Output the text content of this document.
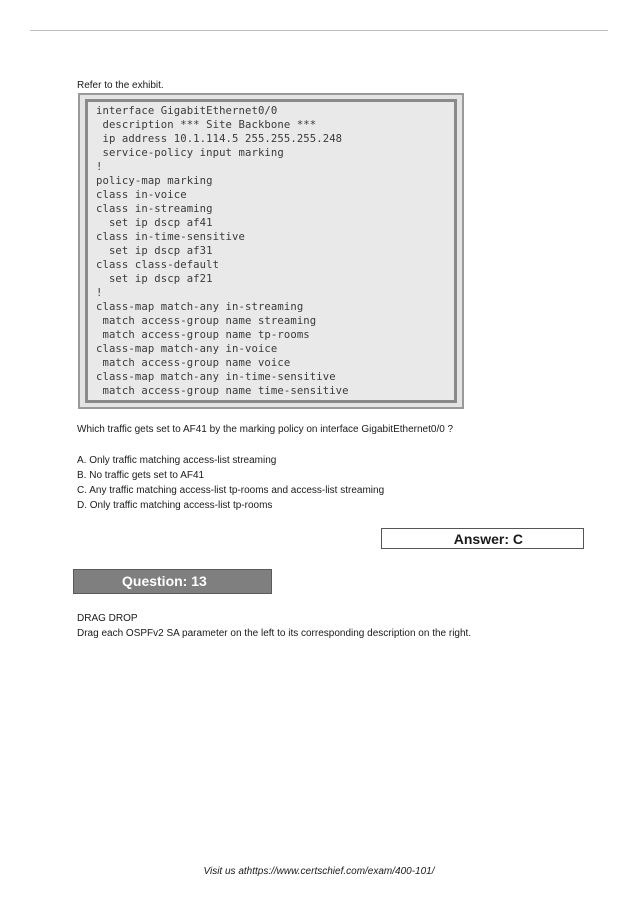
Refer to the exhibit.
interface GigabitEthernet0/0
description *** Site Backbone ***
ip address 10.1.114.5 255.255.255.248
service-policy input marking
!
policy-map marking
class in-voice
class in-streaming
set ip dscp af41
class in-time-sensitive
set ip dscp af31
class class-default
set ip dscp af21
!
class-map match-any in-streaming
match access-group name streaming
match access-group name tp-rooms
class-map match-any in-voice
match access-group name voice
class-map match-any in-time-sensitive
match access-group name time-sensitive
Which traffic gets set to AF41 by the marking policy on interface GigabitEthernet0/0 ?
A. Only traffic matching access-list streaming
B. No traffic gets set to AF41
C. Any traffic matching access-list tp-rooms and access-list streaming
D. Only traffic matching access-list tp-rooms
Answer: C
Question: 13
DRAG DROP
Drag each OSPFv2 SA parameter on the left to its corresponding description on the right.
Visit us athttps://www.certschief.com/exam/400-101/
